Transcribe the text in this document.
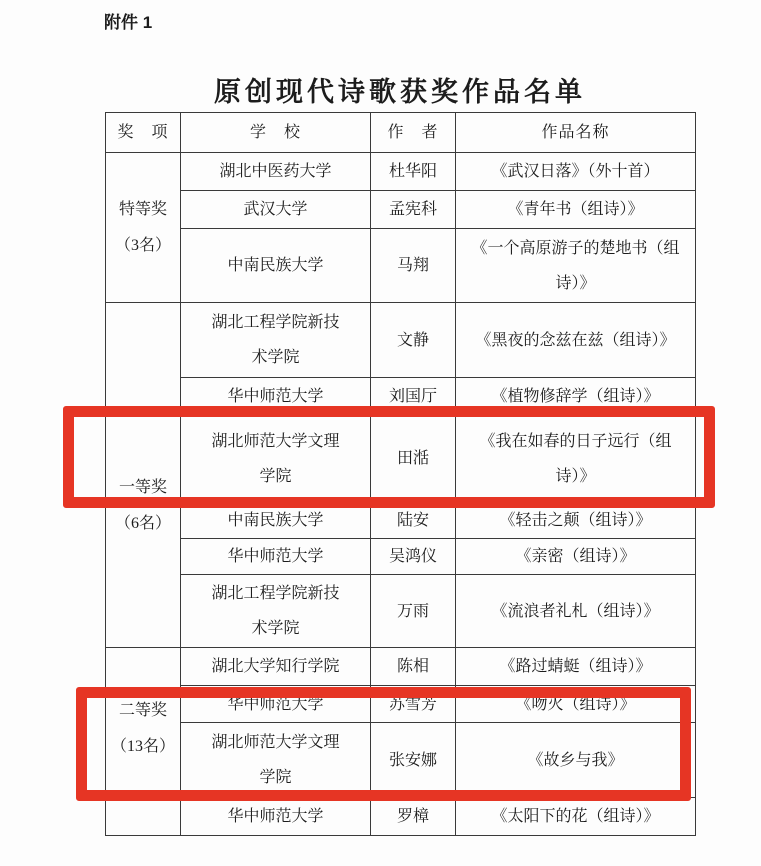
附件 1
原创现代诗歌获奖作品名单
奖　项	学　校	作　者	作品名称

特等奖
（3名）	湖北中医药大学	杜华阳	《武汉日落》（外十首）
	武汉大学	孟宪科	《青年书（组诗）》
	中南民族大学	马翔	《一个高原游子的楚地书（组诗）》

一等奖
（6名）	湖北工程学院新技术学院	文静	《黑夜的念兹在兹（组诗）》
	华中师范大学	刘国厅	《植物修辞学（组诗）》
	湖北师范大学文理学院	田湉	《我在如春的日子远行（组诗）》
	中南民族大学	陆安	《轻击之颠（组诗）》
	华中师范大学	吴鸿仪	《亲密（组诗）》
	湖北工程学院新技术学院	万雨	《流浪者礼札（组诗）》

二等奖
（13名）	湖北大学知行学院	陈相	《路过蜻蜓（组诗）》
	华中师范大学	苏雪芳	《吻火（组诗）》
	湖北师范大学文理学院	张安娜	《故乡与我》
	华中师范大学	罗樟	《太阳下的花（组诗）》
